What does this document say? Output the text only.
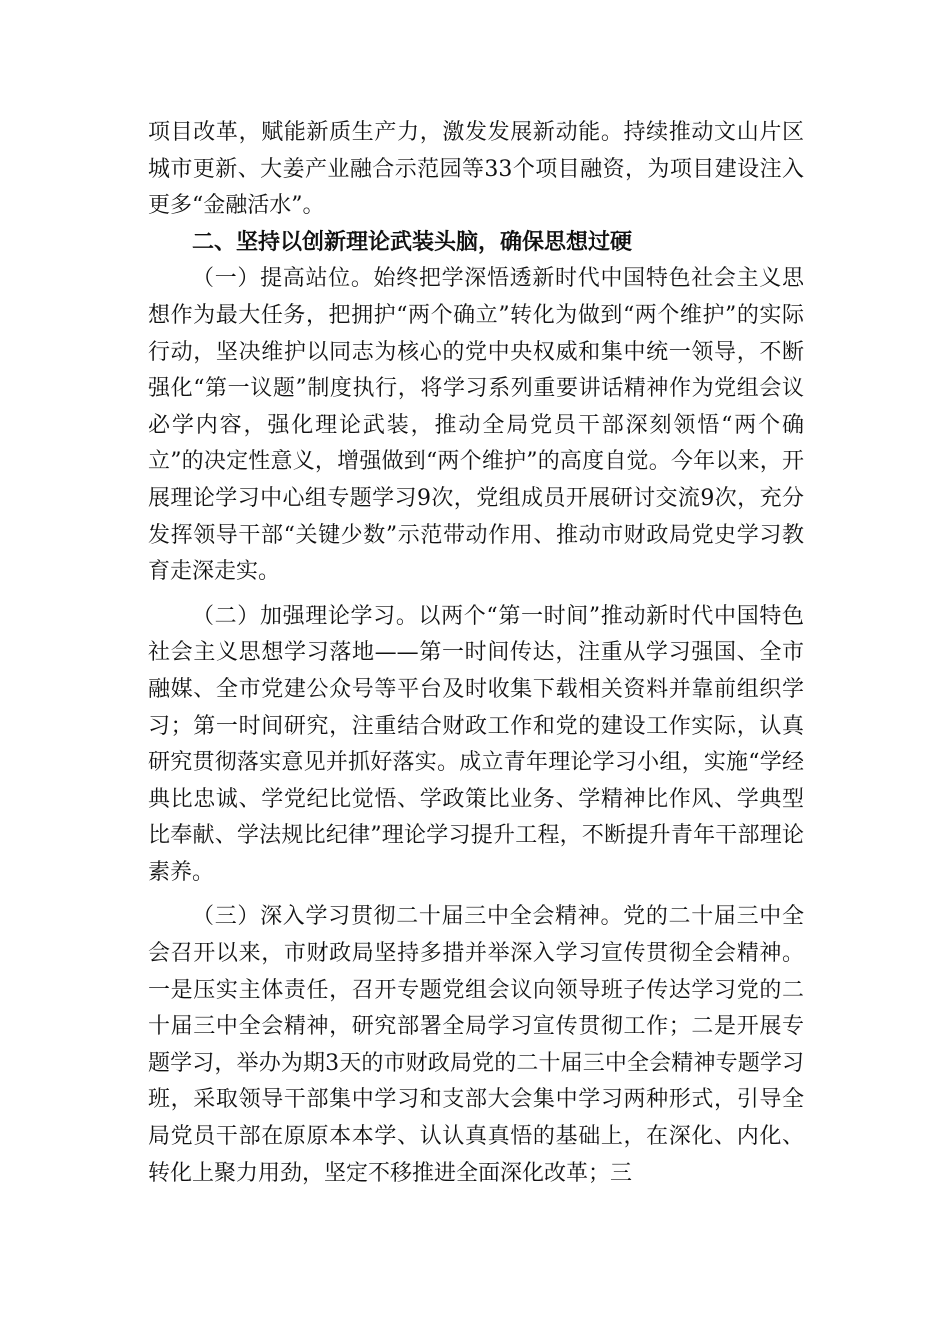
项目改革，赋能新质生产力，激发发展新动能。持续推动文山片区城市更新、大姜产业融合示范园等33个项目融资，为项目建设注入更多“金融活水”。

二、坚持以创新理论武装头脑，确保思想过硬

（一）提高站位。始终把学深悟透新时代中国特色社会主义思想作为最大任务，把拥护“两个确立”转化为做到“两个维护”的实际行动，坚决维护以同志为核心的党中央权威和集中统一领导，不断强化“第一议题”制度执行，将学习系列重要讲话精神作为党组会议必学内容，强化理论武装，推动全局党员干部深刻领悟“两个确立”的决定性意义，增强做到“两个维护”的高度自觉。今年以来，开展理论学习中心组专题学习9次，党组成员开展研讨交流9次，充分发挥领导干部“关键少数”示范带动作用、推动市财政局党史学习教育走深走实。

（二）加强理论学习。以两个“第一时间”推动新时代中国特色社会主义思想学习落地——第一时间传达，注重从学习强国、全市融媒、全市党建公众号等平台及时收集下载相关资料并靠前组织学习；第一时间研究，注重结合财政工作和党的建设工作实际，认真研究贯彻落实意见并抓好落实。成立青年理论学习小组，实施“学经典比忠诚、学党纪比觉悟、学政策比业务、学精神比作风、学典型比奉献、学法规比纪律”理论学习提升工程，不断提升青年干部理论素养。

（三）深入学习贯彻二十届三中全会精神。党的二十届三中全会召开以来，市财政局坚持多措并举深入学习宣传贯彻全会精神。一是压实主体责任，召开专题党组会议向领导班子传达学习党的二十届三中全会精神，研究部署全局学习宣传贯彻工作；二是开展专题学习，举办为期3天的市财政局党的二十届三中全会精神专题学习班，采取领导干部集中学习和支部大会集中学习两种形式，引导全局党员干部在原原本本学、认认真真悟的基础上，在深化、内化、转化上聚力用劲，坚定不移推进全面深化改革；三
